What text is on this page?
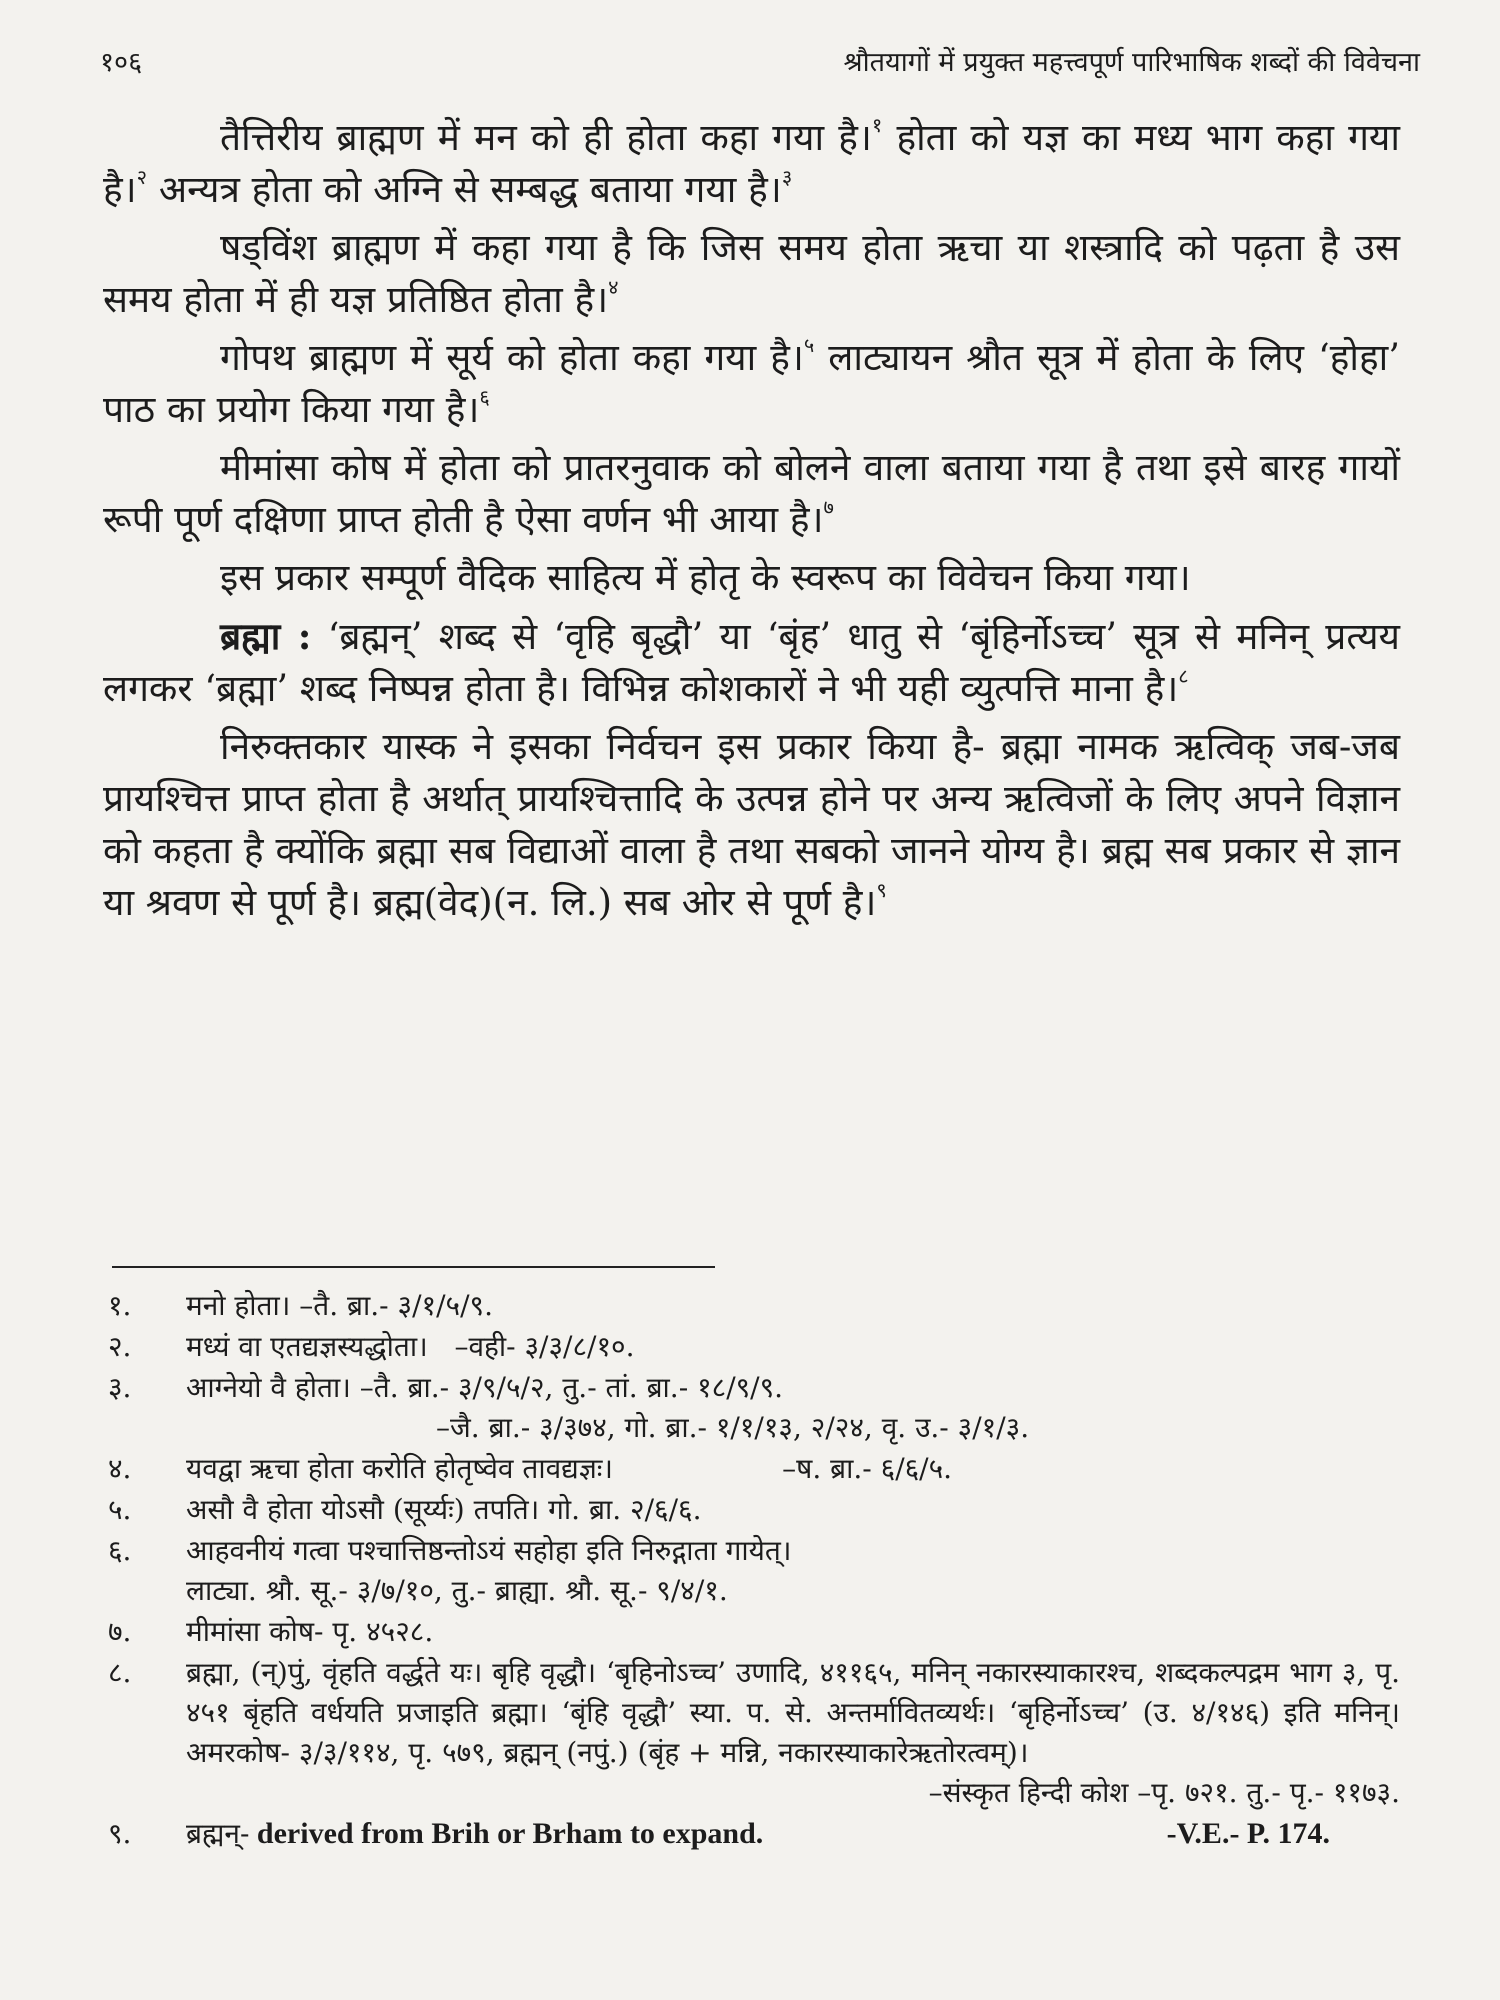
१०६	श्रौतयागों में प्रयुक्त महत्त्वपूर्ण पारिभाषिक शब्दों की विवेचना

तैत्तिरीय ब्राह्मण में मन को ही होता कहा गया है।$^१$ होता को यज्ञ का मध्य भाग कहा गया है।$^२$ अन्यत्र होता को अग्नि से सम्बद्ध बताया गया है।$^३$

षड्विंश ब्राह्मण में कहा गया है कि जिस समय होता ऋचा या शस्त्रादि को पढ़ता है उस समय होता में ही यज्ञ प्रतिष्ठित होता है।$^४$

गोपथ ब्राह्मण में सूर्य को होता कहा गया है।$^५$ लाट्यायन श्रौत सूत्र में होता के लिए ‘होहा’ पाठ का प्रयोग किया गया है।$^६$

मीमांसा कोष में होता को प्रातरनुवाक को बोलने वाला बताया गया है तथा इसे बारह गायों रूपी पूर्ण दक्षिणा प्राप्त होती है ऐसा वर्णन भी आया है।$^७$

इस प्रकार सम्पूर्ण वैदिक साहित्य में होतृ के स्वरूप का विवेचन किया गया।

ब्रह्मा : ‘ब्रह्मन्’ शब्द से ‘वृहि बृद्धौ’ या ‘बृंह’ धातु से ‘बृंहिर्नोऽच्च’ सूत्र से मनिन् प्रत्यय लगकर ‘ब्रह्मा’ शब्द निष्पन्न होता है। विभिन्न कोशकारों ने भी यही व्युत्पत्ति माना है।$^८$

निरुक्तकार यास्क ने इसका निर्वचन इस प्रकार किया है- ब्रह्मा नामक ऋत्विक् जब-जब प्रायश्चित्त प्राप्त होता है अर्थात् प्रायश्चित्तादि के उत्पन्न होने पर अन्य ऋत्विजों के लिए अपने विज्ञान को कहता है क्योंकि ब्रह्मा सब विद्याओं वाला है तथा सबको जानने योग्य है। ब्रह्म सब प्रकार से ज्ञान या श्रवण से पूर्ण है। ब्रह्म(वेद)(न. लि.) सब ओर से पूर्ण है।$^९$

१.	मनो होता। –तै. ब्रा.- ३/१/५/९.
२.	मध्यं वा एतद्यज्ञस्यद्धोता।   –वही- ३/३/८/१०.
३.	आग्नेयो वै होता। –तै. ब्रा.- ३/९/५/२, तु.- तां. ब्रा.- १८/९/९.
–जै. ब्रा.- ३/३७४, गो. ब्रा.- १/१/१३, २/२४, वृ. उ.- ३/१/३.
४.	यवद्वा ऋचा होता करोति होतृष्वेव तावद्यज्ञः।                   –ष. ब्रा.- ६/६/५.
५.	असौ वै होता योऽसौ (सूर्य्यः) तपति। गो. ब्रा. २/६/६.
६.	आहवनीयं गत्वा पश्चात्तिष्ठन्तोऽयं सहोहा इति निरुद्गाता गायेत्।
लाट्या. श्रौ. सू.- ३/७/१०, तु.- ब्राह्या. श्रौ. सू.- ९/४/१.
७.	मीमांसा कोष- पृ. ४५२८.
८.	ब्रह्मा, (न्)पुं, वृंहति वर्द्धते यः। बृहि वृद्धौ। ‘बृहिनोऽच्च’ उणादि, ४११६५, मनिन् नकारस्याकारश्च, शब्दकल्पद्रम भाग ३, पृ. ४५१ बृंहति वर्धयति प्रजाइति ब्रह्मा। ‘बृंहि वृद्धौ’ स्या. प. से. अन्तर्मावितव्यर्थः। ‘बृहिर्नोऽच्च’ (उ. ४/१४६) इति मनिन्। अमरकोष- ३/३/११४, पृ. ५७९, ब्रह्मन् (नपुं.) (बृंह + मन्नि, नकारस्याकारेऋतोरत्वम्)।
–संस्कृत हिन्दी कोश –पृ. ७२१. तु.- पृ.- ११७३.
९.	ब्रह्मन्- derived from Brih or Brham to expand.	-V.E.- P. 174.
